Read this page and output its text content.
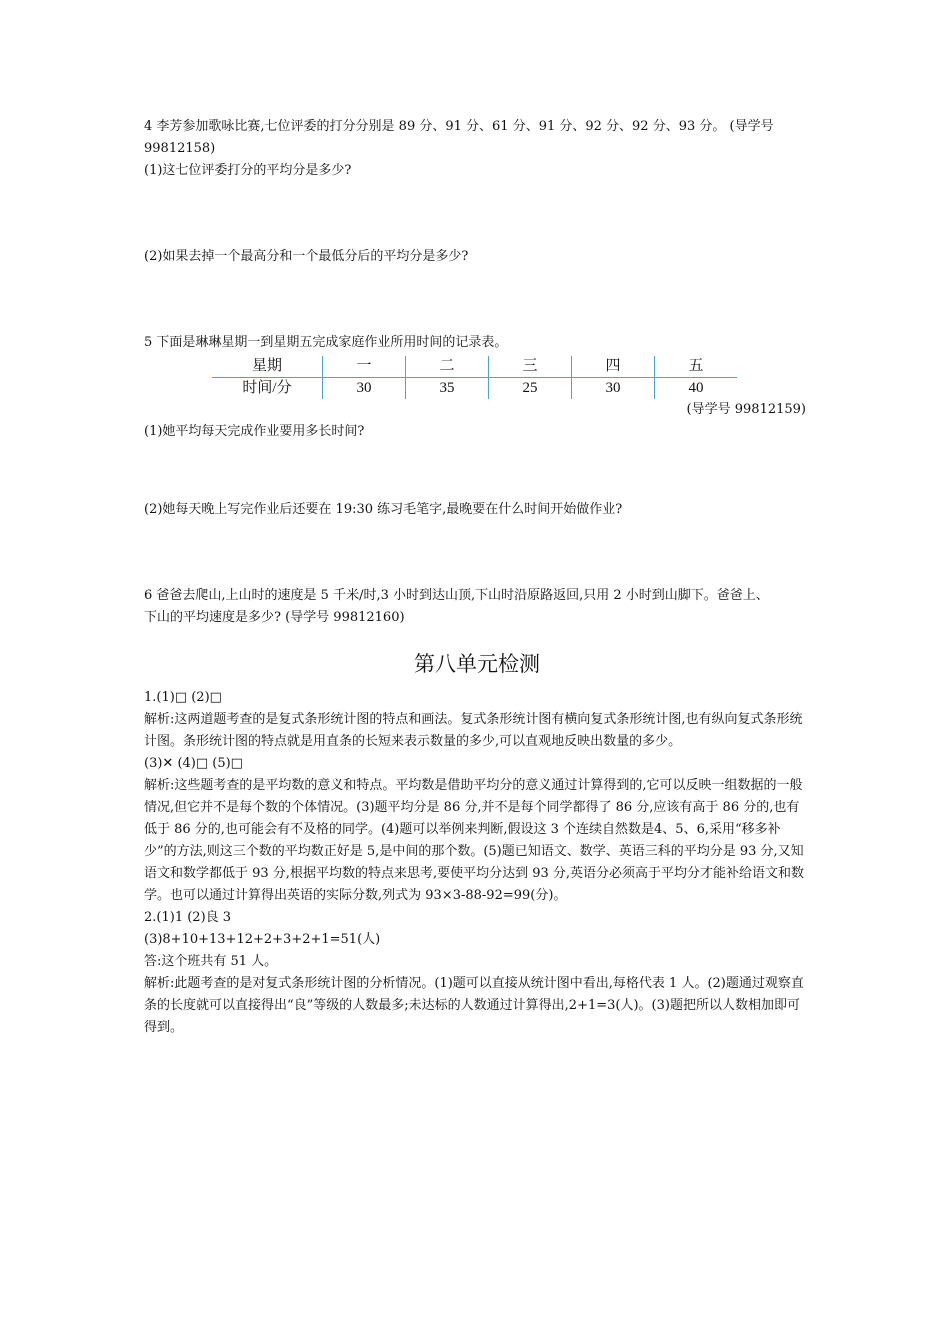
4 李芳参加歌咏比赛,七位评委的打分分别是 89 分、91 分、61 分、91 分、92 分、92 分、93 分。 (导学号 99812158)

(1)这七位评委打分的平均分是多少?

(2)如果去掉一个最高分和一个最低分后的平均分是多少?

5 下面是琳琳星期一到星期五完成家庭作业所用时间的记录表。

星期	一	二	三	四	五
时间/分	30	35	25	30	40

(导学号 99812159)

(1)她平均每天完成作业要用多长时间?

(2)她每天晚上写完作业后还要在 19:30 练习毛笔字,最晚要在什么时间开始做作业?

6 爸爸去爬山,上山时的速度是 5 千米/时,3 小时到达山顶,下山时沿原路返回,只用 2 小时到山脚下。爸爸上、

下山的平均速度是多少? (导学号 99812160)

第八单元检测

1.(1)□ (2)□

解析:这两道题考查的是复式条形统计图的特点和画法。复式条形统计图有横向复式条形统计图,也有纵向复式条形统计图。条形统计图的特点就是用直条的长短来表示数量的多少,可以直观地反映出数量的多少。

(3)✕ (4)□ (5)□

解析:这些题考查的是平均数的意义和特点。平均数是借助平均分的意义通过计算得到的,它可以反映一组数据的一般情况,但它并不是每个数的个体情况。(3)题平均分是 86 分,并不是每个同学都得了 86 分,应该有高于 86 分的,也有低于 86 分的,也可能会有不及格的同学。(4)题可以举例来判断,假设这 3 个连续自然数是4、5、6,采用“移多补少”的方法,则这三个数的平均数正好是 5,是中间的那个数。(5)题已知语文、数学、英语三科的平均分是 93 分,又知语文和数学都低于 93 分,根据平均数的特点来思考,要使平均分达到 93 分,英语分必须高于平均分才能补给语文和数学。也可以通过计算得出英语的实际分数,列式为 93×3-88-92=99(分)。

2.(1)1 (2)良 3

(3)8+10+13+12+2+3+2+1=51(人)

答:这个班共有 51 人。

解析:此题考查的是对复式条形统计图的分析情况。(1)题可以直接从统计图中看出,每格代表 1 人。(2)题通过观察直条的长度就可以直接得出“良”等级的人数最多;未达标的人数通过计算得出,2+1=3(人)。(3)题把所以人数相加即可得到。
